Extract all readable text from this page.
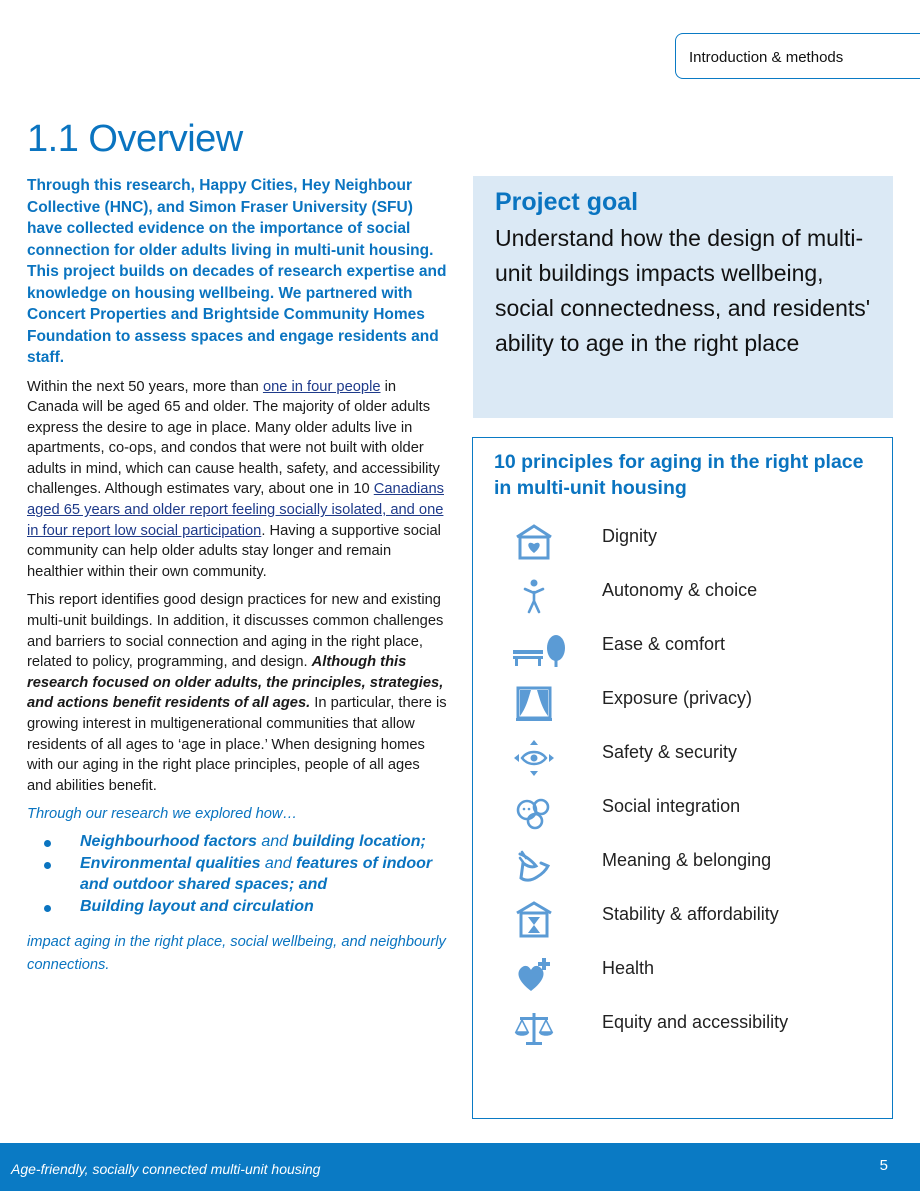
Introduction & methods
1.1 Overview

Through this research, Happy Cities, Hey Neighbour Collective (HNC), and Simon Fraser University (SFU) have collected evidence on the importance of social connection for older adults living in multi-unit housing. This project builds on decades of research expertise and knowledge on housing wellbeing. We partnered with Concert Properties and Brightside Community Homes Foundation to assess spaces and engage residents and staff.

Within the next 50 years, more than one in four people in Canada will be aged 65 and older. The majority of older adults express the desire to age in place. Many older adults live in apartments, co-ops, and condos that were not built with older adults in mind, which can cause health, safety, and accessibility challenges. Although estimates vary, about one in 10 Canadians aged 65 years and older report feeling socially isolated, and one in four report low social participation. Having a supportive social community can help older adults stay longer and remain healthier within their own community.

This report identifies good design practices for new and existing multi-unit buildings. In addition, it discusses common challenges and barriers to social connection and aging in the right place, related to policy, programming, and design. Although this research focused on older adults, the principles, strategies, and actions benefit residents of all ages. In particular, there is growing interest in multigenerational communities that allow residents of all ages to ‘age in place.’ When designing homes with our aging in the right place principles, people of all ages and abilities benefit.

Through our research we explored how…

Neighbourhood factors and building location;
Environmental qualities and features of indoor and outdoor shared spaces; and
Building layout and circulation

impact aging in the right place, social wellbeing, and neighbourly connections.

Project goal

Understand how the design of multi-unit buildings impacts wellbeing, social connectedness, and residents' ability to age in the right place

10 principles for aging in the right place in multi-unit housing
Dignity
Autonomy & choice
Ease & comfort
Exposure (privacy)
Safety & security
Social integration
Meaning & belonging
Stability & affordability
Health
Equity and accessibility
Age-friendly, socially connected multi-unit housing	5
